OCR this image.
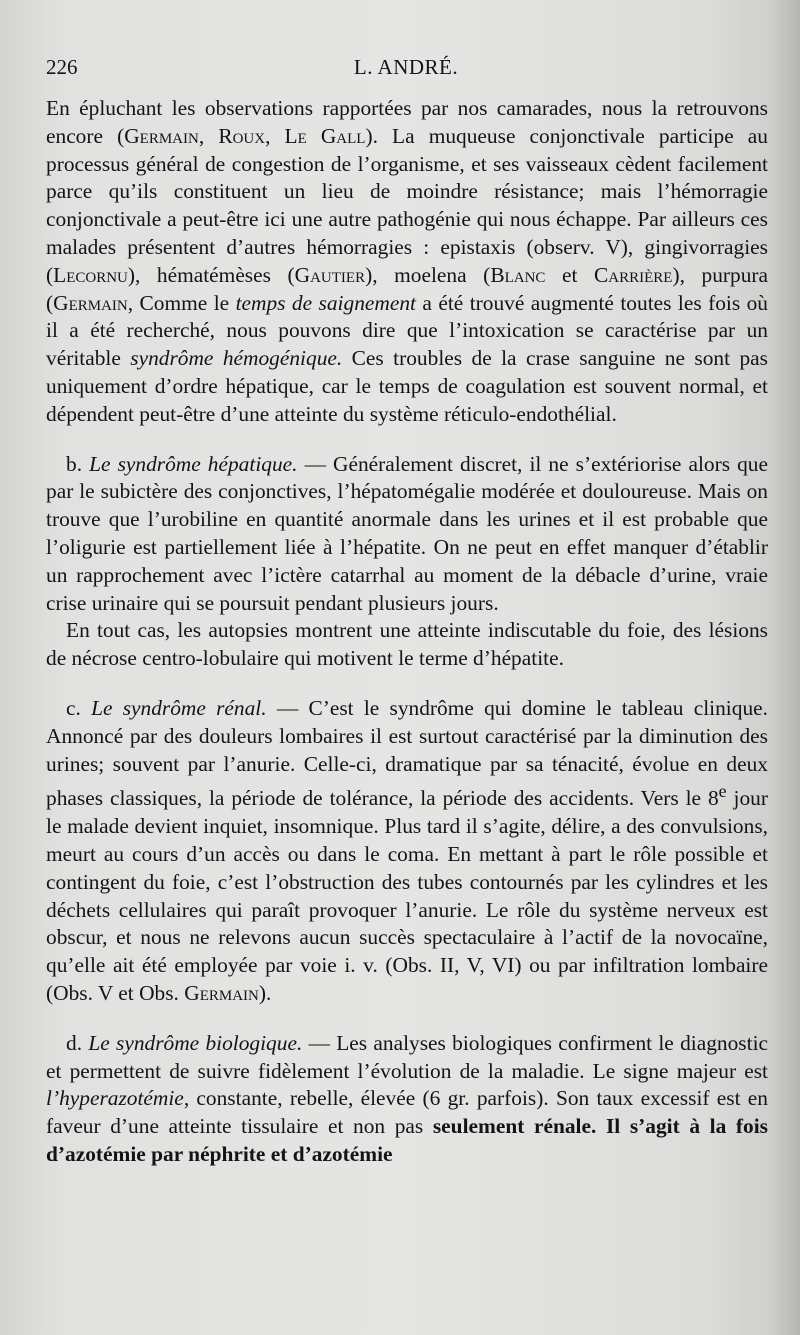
226	L. ANDRÉ.

En épluchant les observations rapportées par nos camarades, nous la retrouvons encore (Germain, Roux, Le Gall). La muqueuse conjonctivale participe au processus général de congestion de l’organisme, et ses vaisseaux cèdent facilement parce qu’ils constituent un lieu de moindre résistance; mais l’hémorragie conjonctivale a peut-être ici une autre pathogénie qui nous échappe. Par ailleurs ces malades présentent d’autres hémorragies : epistaxis (observ. V), gingivorragies (Lecornu), hématémèses (Gautier), moelena (Blanc et Carrière), purpura (Germain, Comme le temps de saignement a été trouvé augmenté toutes les fois où il a été recherché, nous pouvons dire que l’intoxication se caractérise par un véritable syndrôme hémogénique. Ces troubles de la crase sanguine ne sont pas uniquement d’ordre hépatique, car le temps de coagulation est souvent normal, et dépendent peut-être d’une atteinte du système réticulo-endothélial.

b. Le syndrôme hépatique. — Généralement discret, il ne s’extériorise alors que par le subictère des conjonctives, l’hépatomégalie modérée et douloureuse. Mais on trouve que l’urobiline en quantité anormale dans les urines et il est probable que l’oligurie est partiellement liée à l’hépatite. On ne peut en effet manquer d’établir un rapprochement avec l’ictère catarrhal au moment de la débacle d’urine, vraie crise urinaire qui se poursuit pendant plusieurs jours.

En tout cas, les autopsies montrent une atteinte indiscutable du foie, des lésions de nécrose centro-lobulaire qui motivent le terme d’hépatite.

c. Le syndrôme rénal. — C’est le syndrôme qui domine le tableau clinique. Annoncé par des douleurs lombaires il est surtout caractérisé par la diminution des urines; souvent par l’anurie. Celle-ci, dramatique par sa ténacité, évolue en deux phases classiques, la période de tolérance, la période des accidents. Vers le 8e jour le malade devient inquiet, insomnique. Plus tard il s’agite, délire, a des convulsions, meurt au cours d’un accès ou dans le coma. En mettant à part le rôle possible et contingent du foie, c’est l’obstruction des tubes contournés par les cylindres et les déchets cellulaires qui paraît provoquer l’anurie. Le rôle du système nerveux est obscur, et nous ne relevons aucun succès spectaculaire à l’actif de la novocaïne, qu’elle ait été employée par voie i. v. (Obs. II, V, VI) ou par infiltration lombaire (Obs. V et Obs. Germain).

d. Le syndrôme biologique. — Les analyses biologiques confirment le diagnostic et permettent de suivre fidèlement l’évolution de la maladie. Le signe majeur est l’hyperazotémie, constante, rebelle, élevée (6 gr. parfois). Son taux excessif est en faveur d’une atteinte tissulaire et non pas seulement rénale. Il s’agit à la fois d’azotémie par néphrite et d’azotémie
